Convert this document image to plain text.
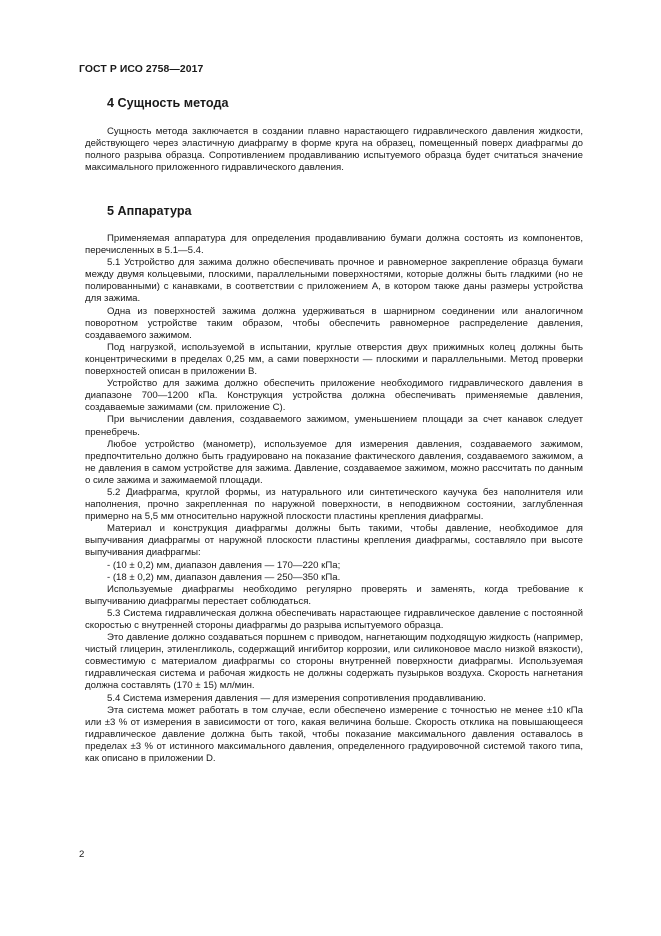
ГОСТ Р ИСО 2758—2017
4 Сущность метода

Сущность метода заключается в создании плавно нарастающего гидравлического давления жидкости, действующего через эластичную диафрагму в форме круга на образец, помещенный поверх диафрагмы до полного разрыва образца. Сопротивлением продавливанию испытуемого образца будет считаться значение максимального приложенного гидравлического давления.

5 Аппаратура

Применяемая аппаратура для определения продавливанию бумаги должна состоять из компонентов, перечисленных в 5.1—5.4.

5.1 Устройство для зажима должно обеспечивать прочное и равномерное закрепление образца бумаги между двумя кольцевыми, плоскими, параллельными поверхностями, которые должны быть гладкими (но не полированными) с канавками, в соответствии с приложением А, в котором также даны размеры устройства для зажима.

Одна из поверхностей зажима должна удерживаться в шарнирном соединении или аналогичном поворотном устройстве таким образом, чтобы обеспечить равномерное распределение давления, создаваемого зажимом.

Под нагрузкой, используемой в испытании, круглые отверстия двух прижимных колец должны быть концентрическими в пределах 0,25 мм, а сами поверхности — плоскими и параллельными. Метод проверки поверхностей описан в приложении В.

Устройство для зажима должно обеспечить приложение необходимого гидравлического давления в диапазоне 700—1200 кПа. Конструкция устройства должна обеспечивать применяемые давления, создаваемые зажимами (см. приложение С).

При вычислении давления, создаваемого зажимом, уменьшением площади за счет канавок следует пренебречь.

Любое устройство (манометр), используемое для измерения давления, создаваемого зажимом, предпочтительно должно быть градуировано на показание фактического давления, создаваемого зажимом, а не давления в самом устройстве для зажима. Давление, создаваемое зажимом, можно рассчитать по данным о силе зажима и зажимаемой площади.

5.2 Диафрагма, круглой формы, из натурального или синтетического каучука без наполнителя или наполнения, прочно закрепленная по наружной поверхности, в неподвижном состоянии, заглубленная примерно на 5,5 мм относительно наружной плоскости пластины крепления диафрагмы.

Материал и конструкция диафрагмы должны быть такими, чтобы давление, необходимое для выпучивания диафрагмы от наружной плоскости пластины крепления диафрагмы, составляло при высоте выпучивания диафрагмы:

- (10 ± 0,2) мм, диапазон давления — 170—220 кПа;

- (18 ± 0,2) мм, диапазон давления — 250—350 кПа.

Используемые диафрагмы необходимо регулярно проверять и заменять, когда требование к выпучиванию диафрагмы перестает соблюдаться.

5.3 Система гидравлическая должна обеспечивать нарастающее гидравлическое давление с постоянной скоростью с внутренней стороны диафрагмы до разрыва испытуемого образца.

Это давление должно создаваться поршнем с приводом, нагнетающим подходящую жидкость (например, чистый глицерин, этиленгликоль, содержащий ингибитор коррозии, или силиконовое масло низкой вязкости), совместимую с материалом диафрагмы со стороны внутренней поверхности диафрагмы. Используемая гидравлическая система и рабочая жидкость не должны содержать пузырьков воздуха. Скорость нагнетания должна составлять (170 ± 15) мл/мин.

5.4 Система измерения давления — для измерения сопротивления продавливанию.

Эта система может работать в том случае, если обеспечено измерение с точностью не менее ±10 кПа или ±3 % от измерения в зависимости от того, какая величина больше. Скорость отклика на повышающееся гидравлическое давление должна быть такой, чтобы показание максимального давления оставалось в пределах ±3 % от истинного максимального давления, определенного градуировочной системой такого типа, как описано в приложении D.

2
